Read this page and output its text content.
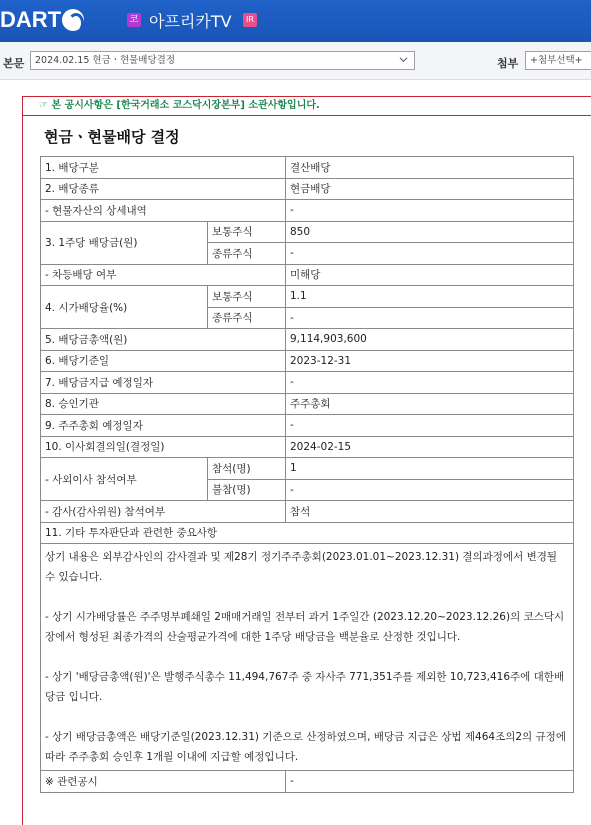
DART	코 아프리카TV	IR
본문	2024.02.15 현금ㆍ현물배당결정	첨부	+첨부선택+
☞ 본 공시사항은 [한국거래소 코스닥시장본부] 소관사항입니다.
현금ㆍ현물배당 결정
1. 배당구분		결산배당
2. 배당종류		현금배당
- 현물자산의 상세내역		-
3. 1주당 배당금(원)	보통주식	850
	종류주식	-
- 차등배당 여부		미해당
4. 시가배당율(%)	보통주식	1.1
	종류주식	-
5. 배당금총액(원)		9,114,903,600
6. 배당기준일		2023-12-31
7. 배당금지급 예정일자		-
8. 승인기관		주주총회
9. 주주총회 예정일자		-
10. 이사회결의일(결정일)		2024-02-15
- 사외이사 참석여부	참석(명)	1
	불참(명)	-
- 감사(감사위원) 참석여부		참석
11. 기타 투자판단과 관련한 중요사항		

상기 내용은 외부감사인의 감사결과 및 제28기 정기주주총회(2023.01.01~2023.12.31) 결의과정에서 변경될 수 있습니다.

- 상기 시가배당률은 주주명부폐쇄일 2매매거래일 전부터 과거 1주일간 (2023.12.20~2023.12.26)의 코스닥시장에서 형성된 최종가격의 산술평균가격에 대한 1주당 배당금을 백분율로 산정한 것입니다.

- 상기 '배당금총액(원)'은 발행주식총수 11,494,767주 중 자사주 771,351주를 제외한 10,723,416주에 대한배당금 입니다.

- 상기 배당금총액은 배당기준일(2023.12.31) 기준으로 산정하였으며, 배당금 지급은 상법 제464조의2의 규정에 따라 주주총회 승인후 1개월 이내에 지급할 예정입니다.		

※ 관련공시		-
